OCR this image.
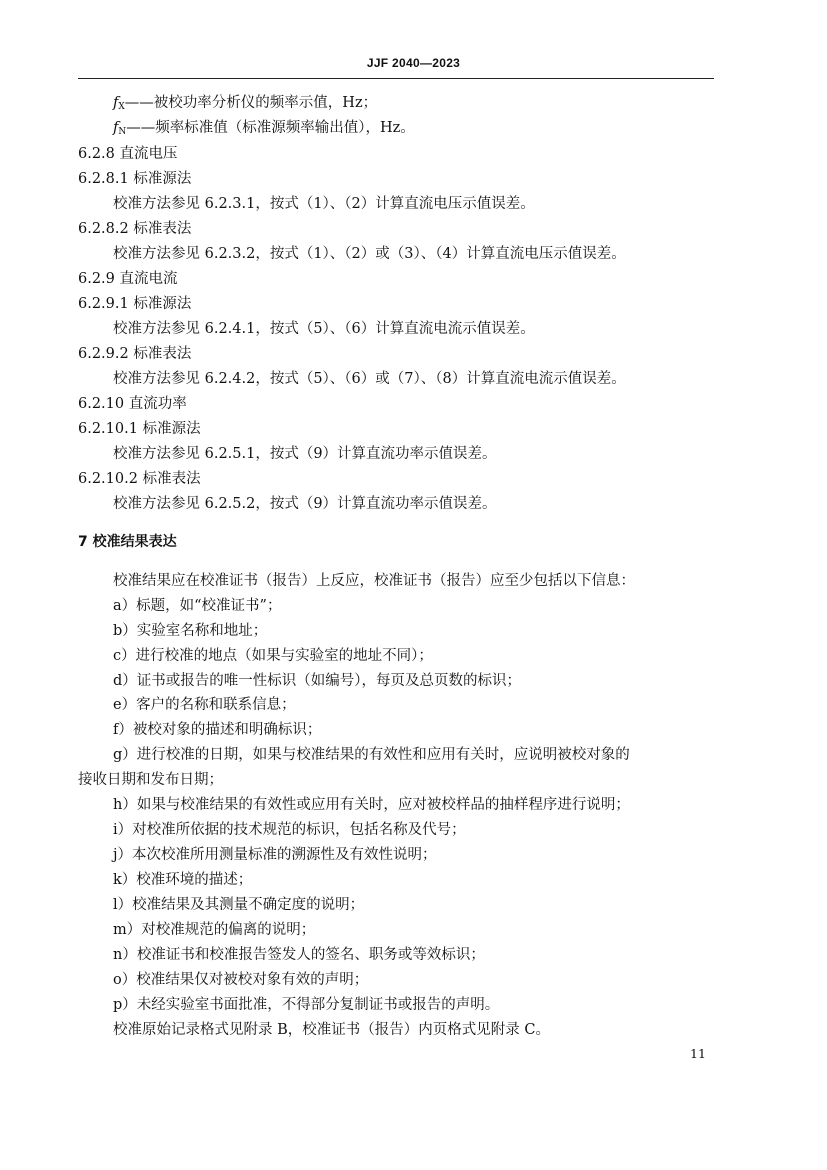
JJF 2040—2023
$f_X——$被校功率分析仪的频率示值，Hz；
$f_N——$频率标准值（标准源频率输出值），Hz。
6.2.8 直流电压
6.2.8.1 标准源法
校准方法参见 6.2.3.1，按式（1）、（2）计算直流电压示值误差。
6.2.8.2 标准表法
校准方法参见 6.2.3.2，按式（1）、（2）或（3）、（4）计算直流电压示值误差。
6.2.9 直流电流
6.2.9.1 标准源法
校准方法参见 6.2.4.1，按式（5）、（6）计算直流电流示值误差。
6.2.9.2 标准表法
校准方法参见 6.2.4.2，按式（5）、（6）或（7）、（8）计算直流电流示值误差。
6.2.10 直流功率
6.2.10.1 标准源法
校准方法参见 6.2.5.1，按式（9）计算直流功率示值误差。
6.2.10.2 标准表法
校准方法参见 6.2.5.2，按式（9）计算直流功率示值误差。
7 校准结果表达
校准结果应在校准证书（报告）上反应，校准证书（报告）应至少包括以下信息：
a）标题，如“校准证书”；
b）实验室名称和地址；
c）进行校准的地点（如果与实验室的地址不同）；
d）证书或报告的唯一性标识（如编号），每页及总页数的标识；
e）客户的名称和联系信息；
f）被校对象的描述和明确标识；
g）进行校准的日期，如果与校准结果的有效性和应用有关时，应说明被校对象的
接收日期和发布日期；
h）如果与校准结果的有效性或应用有关时，应对被校样品的抽样程序进行说明；
i）对校准所依据的技术规范的标识，包括名称及代号；
j）本次校准所用测量标准的溯源性及有效性说明；
k）校准环境的描述；
l）校准结果及其测量不确定度的说明；
m）对校准规范的偏离的说明；
n）校准证书和校准报告签发人的签名、职务或等效标识；
o）校准结果仅对被校对象有效的声明；
p）未经实验室书面批准，不得部分复制证书或报告的声明。
校准原始记录格式见附录 B，校准证书（报告）内页格式见附录 C。
11
